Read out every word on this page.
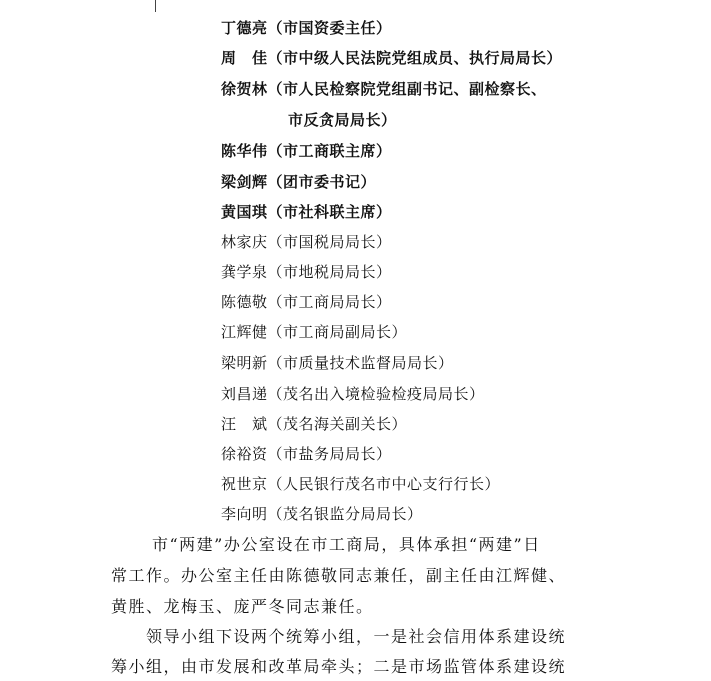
丁德亮（市国资委主任）
周　佳（市中级人民法院党组成员、执行局局长）
徐贺林（市人民检察院党组副书记、副检察长、
市反贪局局长）
陈华伟（市工商联主席）
梁剑辉（团市委书记）
黄国琪（市社科联主席）
林家庆（市国税局局长）
龚学泉（市地税局局长）
陈德敬（市工商局局长）
江辉健（市工商局副局长）
梁明新（市质量技术监督局局长）
刘昌递（茂名出入境检验检疫局局长）
汪　斌（茂名海关副关长）
徐裕资（市盐务局局长）
祝世京（人民银行茂名市中心支行行长）
李向明（茂名银监分局局长）
市“两建”办公室设在市工商局，具体承担“两建”日
常工作。办公室主任由陈德敬同志兼任，副主任由江辉健、
黄胜、龙梅玉、庞严冬同志兼任。
领导小组下设两个统筹小组，一是社会信用体系建设统
筹小组，由市发展和改革局牵头；二是市场监管体系建设统
